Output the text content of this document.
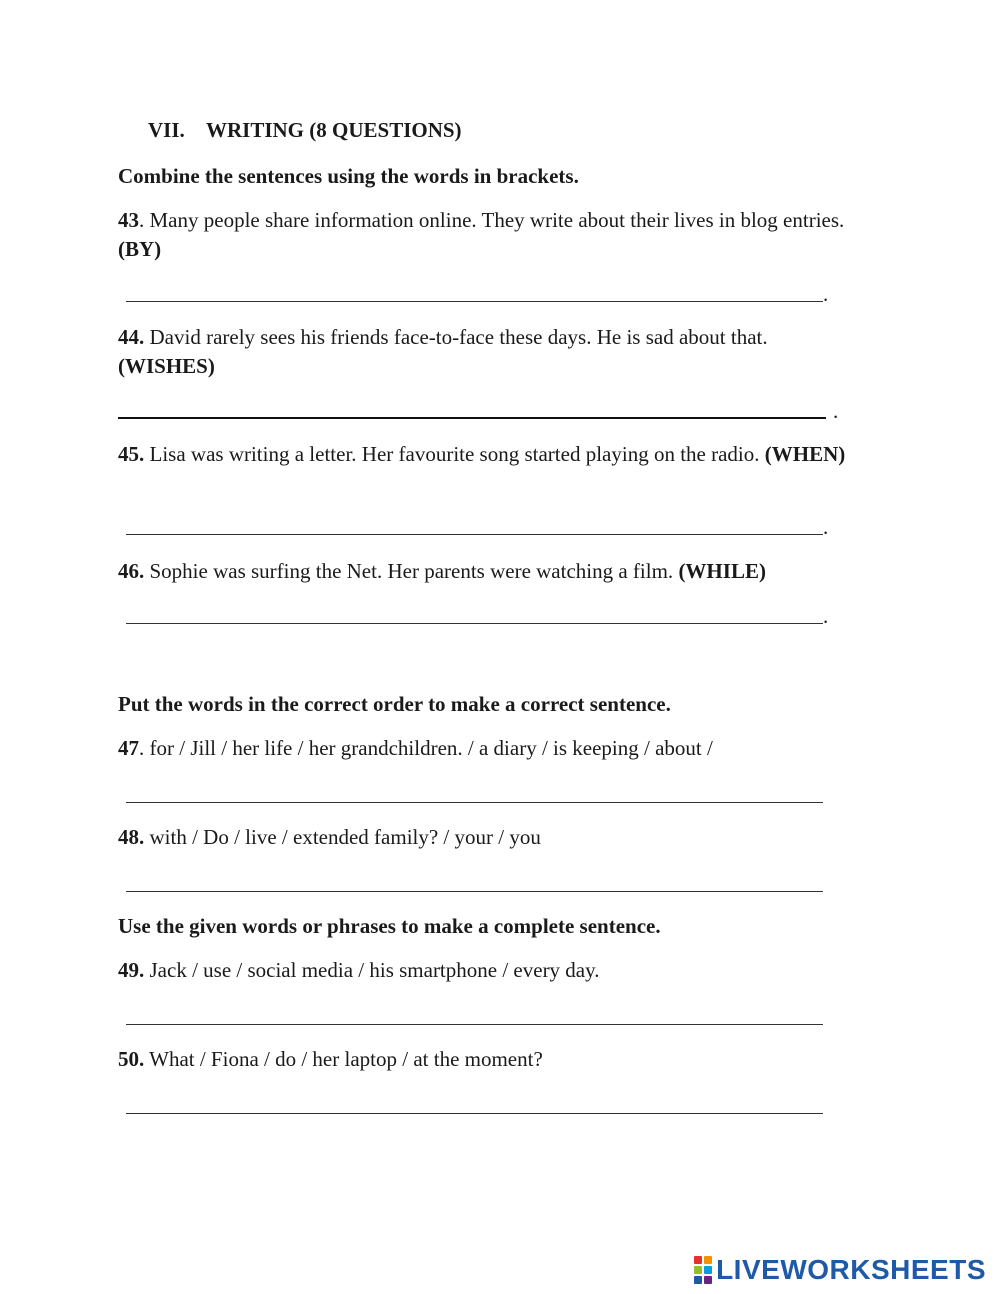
VII. WRITING (8 QUESTIONS)
Combine the sentences using the words in brackets.
43. Many people share information online. They write about their lives in blog entries. (BY)
.
44. David rarely sees his friends face-to-face these days. He is sad about that. (WISHES)
.
45. Lisa was writing a letter. Her favourite song started playing on the radio. (WHEN)
.
46. Sophie was surfing the Net. Her parents were watching a film. (WHILE)
.
Put the words in the correct order to make a correct sentence.
47. for / Jill / her life / her grandchildren. / a diary / is keeping / about /
48. with / Do / live / extended family? / your / you
Use the given words or phrases to make a complete sentence.
49. Jack / use / social media / his smartphone / every day.
50. What / Fiona / do / her laptop / at the moment?
LIVEWORKSHEETS
